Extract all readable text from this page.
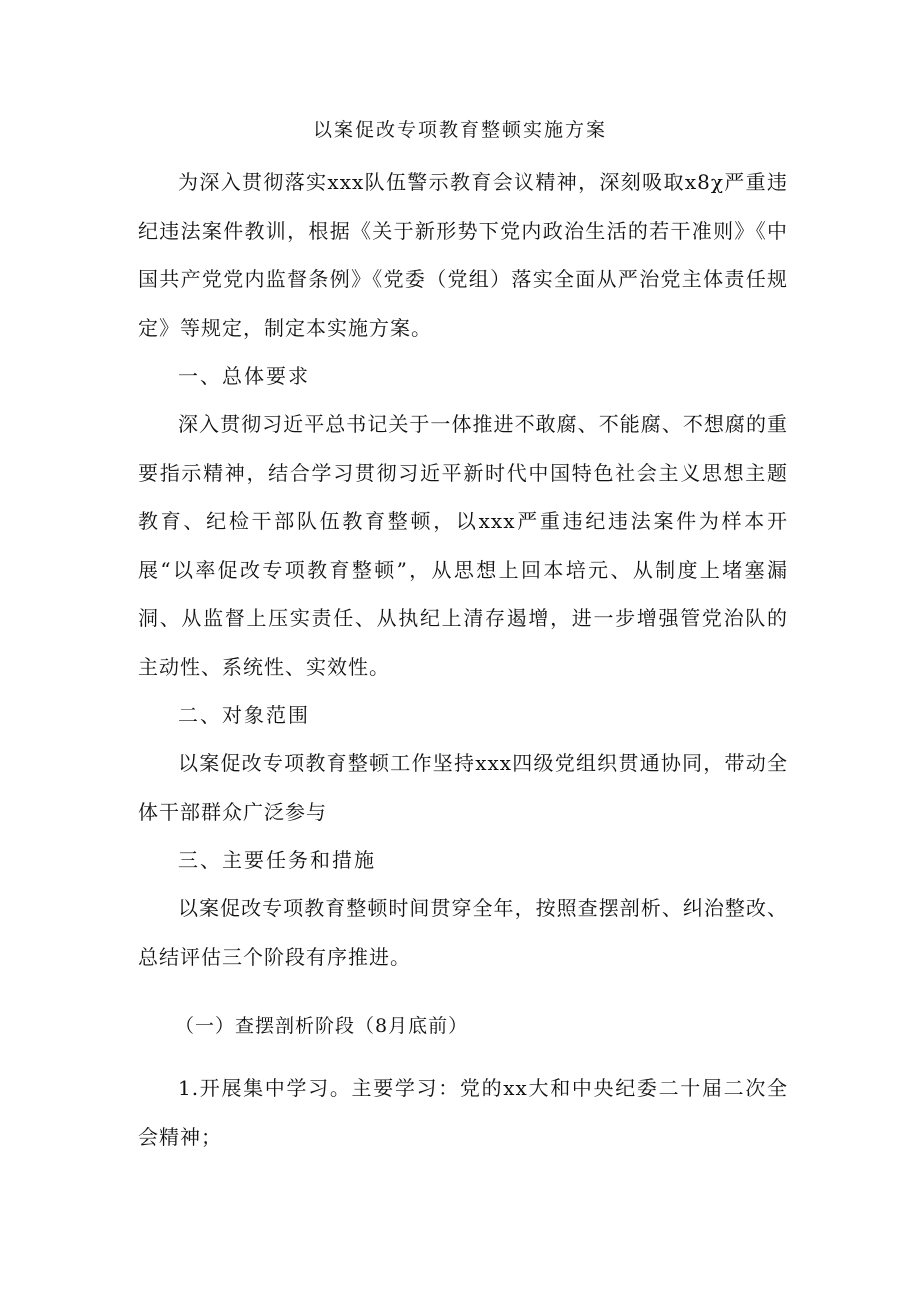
以案促改专项教育整顿实施方案
为深入贯彻落实xxx队伍警示教育会议精神，深刻吸取x8χ严重违纪违法案件教训，根据《关于新形势下党内政治生活的若干准则》《中国共产党党内监督条例》《党委（党组）落实全面从严治党主体责任规定》等规定，制定本实施方案。
一、总体要求
深入贯彻习近平总书记关于一体推进不敢腐、不能腐、不想腐的重要指示精神，结合学习贯彻习近平新时代中国特色社会主义思想主题教育、纪检干部队伍教育整顿，以xxx严重违纪违法案件为样本开展“以率促改专项教育整顿”，从思想上回本培元、从制度上堵塞漏洞、从监督上压实责任、从执纪上清存遏增，进一步增强管党治队的主动性、系统性、实效性。
二、对象范围
以案促改专项教育整顿工作坚持xxx四级党组织贯通协同，带动全体干部群众广泛参与
三、主要任务和措施
以案促改专项教育整顿时间贯穿全年，按照查摆剖析、纠治整改、总结评估三个阶段有序推进。
（一）查摆剖析阶段（8月底前）
1.开展集中学习。主要学习：党的xx大和中央纪委二十届二次全会精神；
